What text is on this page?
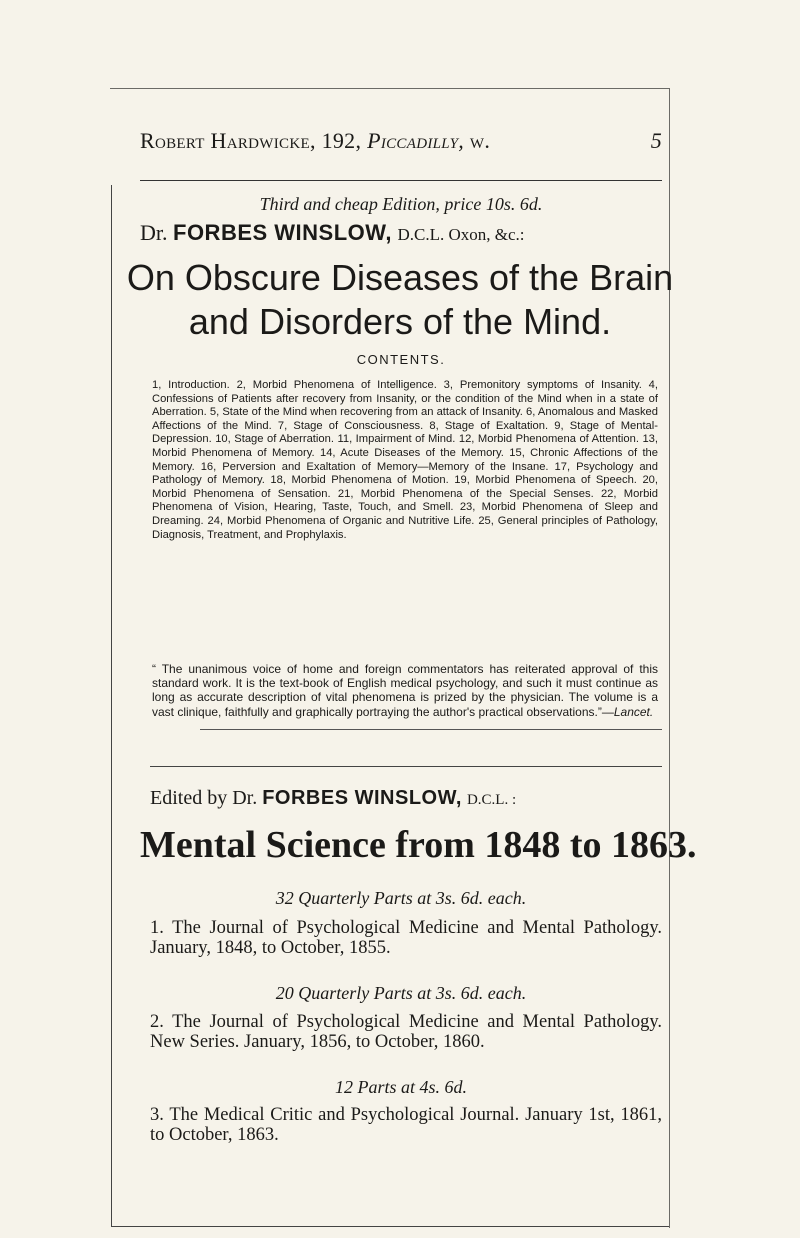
Robert Hardwicke, 192, Piccadilly, w.	5
Third and cheap Edition, price 10s. 6d.
Dr. FORBES WINSLOW, D.C.L. Oxon, &c.:
On Obscure Diseases of the Brain
and Disorders of the Mind.
CONTENTS.
1, Introduction. 2, Morbid Phenomena of Intelligence. 3, Premonitory symptoms of Insanity. 4, Confessions of Patients after recovery from Insanity, or the condition of the Mind when in a state of Aberration. 5, State of the Mind when recovering from an attack of Insanity. 6, Anomalous and Masked Affections of the Mind. 7, Stage of Consciousness. 8, Stage of Exaltation. 9, Stage of Mental-Depression. 10, Stage of Aberration. 11, Impairment of Mind. 12, Morbid Phenomena of Attention. 13, Morbid Phenomena of Memory. 14, Acute Diseases of the Memory. 15, Chronic Affections of the Memory. 16, Perversion and Exaltation of Memory—Memory of the Insane. 17, Psychology and Pathology of Memory. 18, Morbid Phenomena of Motion. 19, Morbid Phenomena of Speech. 20, Morbid Phenomena of Sensation. 21, Morbid Phenomena of the Special Senses. 22, Morbid Phenomena of Vision, Hearing, Taste, Touch, and Smell. 23, Morbid Phenomena of Sleep and Dreaming. 24, Morbid Phenomena of Organic and Nutritive Life. 25, General principles of Pathology, Diagnosis, Treatment, and Prophylaxis.
“ The unanimous voice of home and foreign commentators has reiterated approval of this standard work. It is the text-book of English medical psychology, and such it must continue as long as accurate description of vital phenomena is prized by the physician. The volume is a vast clinique, faithfully and graphically portraying the author's practical observations.”—Lancet.
Edited by Dr. FORBES WINSLOW, D.C.L. :
Mental Science from 1848 to 1863.
32 Quarterly Parts at 3s. 6d. each.
1. The Journal of Psychological Medicine and Mental Pathology. January, 1848, to October, 1855.
20 Quarterly Parts at 3s. 6d. each.
2. The Journal of Psychological Medicine and Mental Pathology. New Series. January, 1856, to October, 1860.
12 Parts at 4s. 6d.
3. The Medical Critic and Psychological Journal. January 1st, 1861, to October, 1863.
